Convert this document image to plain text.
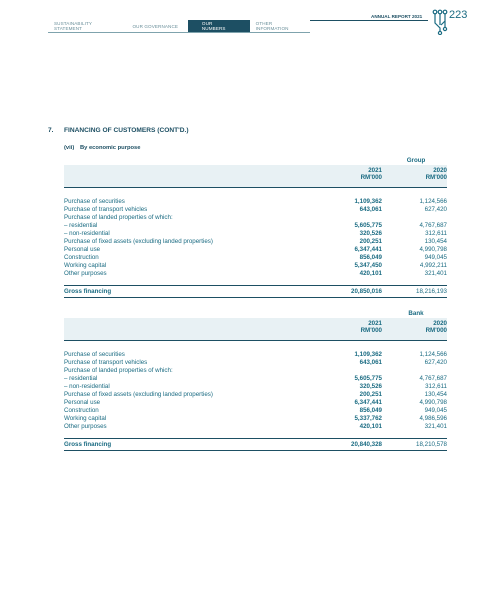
SUSTAINABILITY STATEMENT	OUR GOVERNANCE	OUR NUMBERS
OTHER INFORMATION
ANNUAL REPORT 2021 223
7. FINANCING OF CUSTOMERS (CONT'D.)
(vii) By economic purpose
Group
2021
RM'000
2020
RM'000
Purchase of securities	1,109,362	1,124,566
Purchase of transport vehicles	643,061	627,420
Purchase of landed properties of which:
– residential	5,605,775	4,767,687
– non-residential	320,526	312,611
Purchase of fixed assets (excluding landed properties)	200,251	130,454
Personal use	6,347,441	4,990,798
Construction	856,049	949,045
Working capital	5,347,450	4,992,211
Other purposes	420,101	321,401
Gross financing	20,850,016	18,216,193
Bank
2021
RM'000
2020
RM'000
Purchase of securities	1,109,362	1,124,566
Purchase of transport vehicles	643,061	627,420
Purchase of landed properties of which:
– residential	5,605,775	4,767,687
– non-residential	320,526	312,611
Purchase of fixed assets (excluding landed properties)	200,251	130,454
Personal use	6,347,441	4,990,798
Construction	856,049	949,045
Working capital	5,337,762	4,986,596
Other purposes	420,101	321,401
Gross financing	20,840,328	18,210,578
